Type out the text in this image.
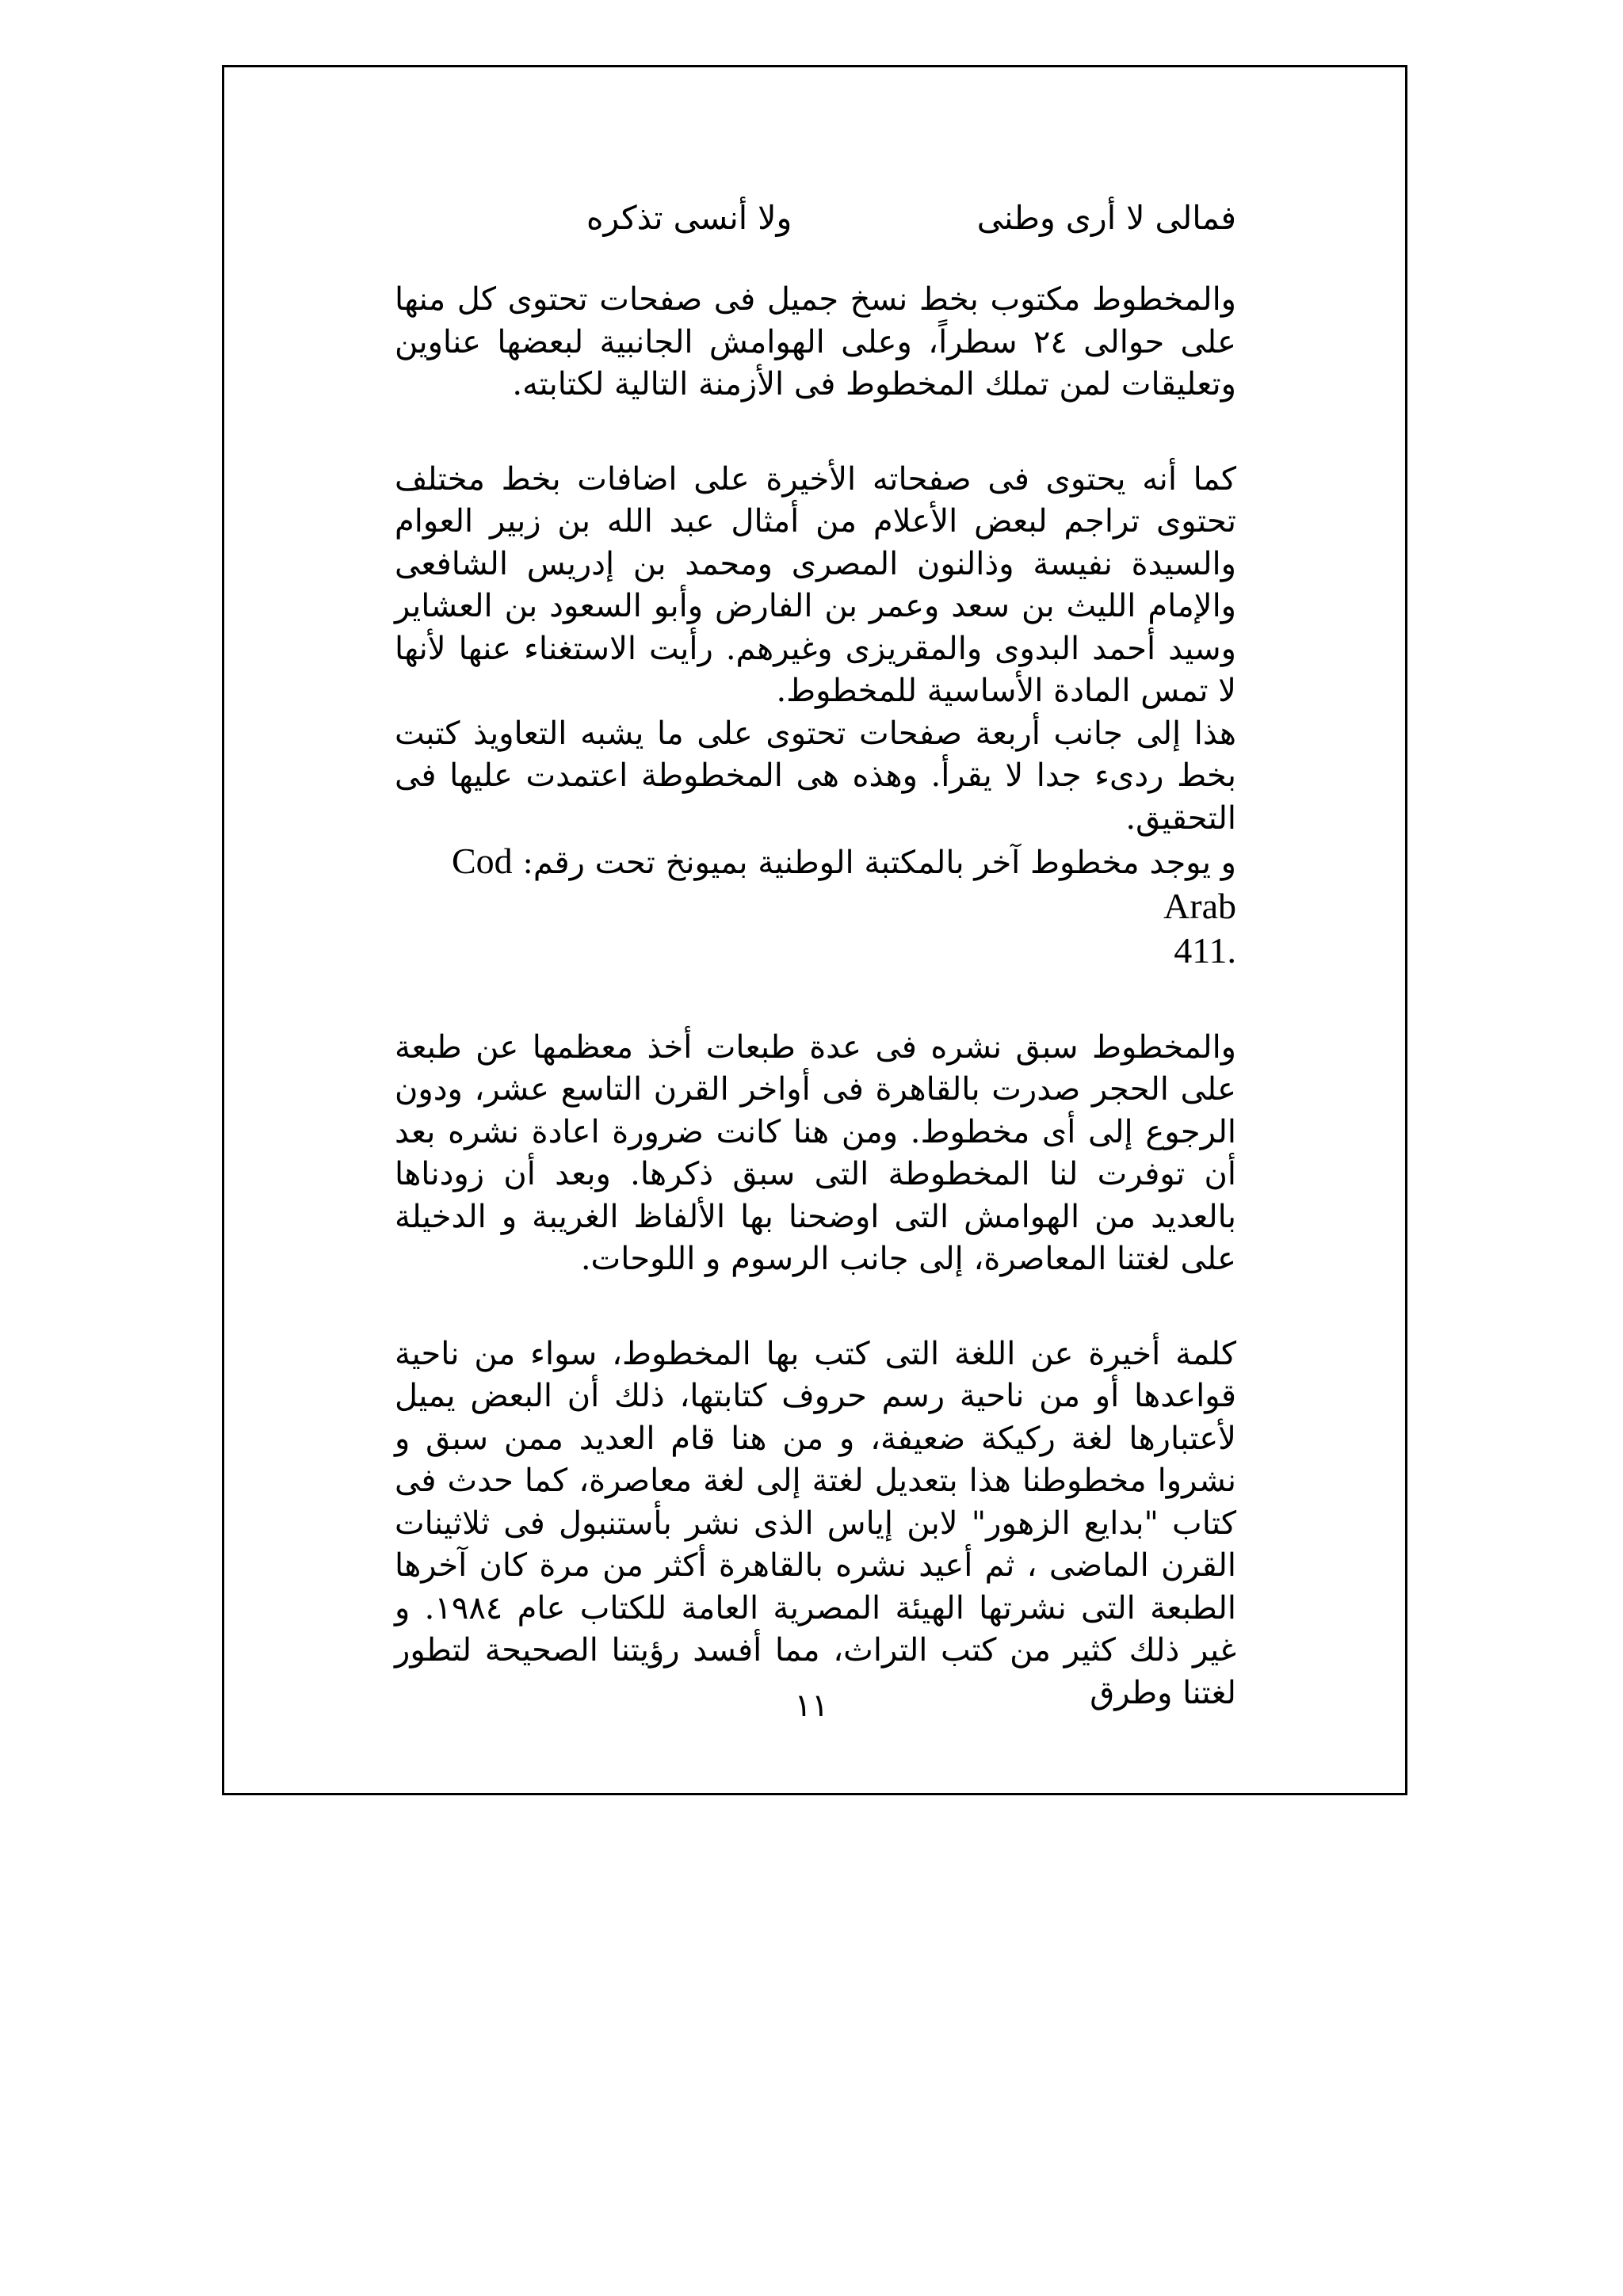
فمالى لا أرى وطنى
ولا أنسى تذكره

والمخطوط مكتوب بخط نسخ جميل فى صفحات تحتوى كل منها على حوالى ٢٤ سطراً، وعلى الهوامش الجانبية لبعضها عناوين وتعليقات لمن تملك المخطوط فى الأزمنة التالية لكتابته.

كما أنه يحتوى فى صفحاته الأخيرة على اضافات بخط مختلف تحتوى تراجم لبعض الأعلام من أمثال عبد الله بن زبير العوام والسيدة نفيسة وذالنون المصرى ومحمد بن إدريس الشافعى والإمام الليث بن سعد وعمر بن الفارض وأبو السعود بن العشاير وسيد أحمد البدوى والمقريزى وغيرهم. رأيت الاستغناء عنها لأنها لا تمس المادة الأساسية للمخطوط.

هذا إلى جانب أربعة صفحات تحتوى على ما يشبه التعاويذ كتبت بخط ردىء جدا لا يقرأ. وهذه هى المخطوطة اعتمدت عليها فى التحقيق.

و يوجد مخطوط آخر بالمكتبة الوطنية بميونخ تحت رقم: Cod Arab

.411

والمخطوط سبق نشره فى عدة طبعات أخذ معظمها عن طبعة على الحجر صدرت بالقاهرة فى أواخر القرن التاسع عشر، ودون الرجوع إلى أى مخطوط. ومن هنا كانت ضرورة اعادة نشره بعد أن توفرت لنا المخطوطة التى سبق ذكرها. وبعد أن زودناها بالعديد من الهوامش التى اوضحنا بها الألفاظ الغريبة و الدخيلة على لغتنا المعاصرة، إلى جانب الرسوم و اللوحات.

كلمة أخيرة عن اللغة التى كتب بها المخطوط، سواء من ناحية قواعدها أو من ناحية رسم حروف كتابتها، ذلك أن البعض يميل لأعتبارها لغة ركيكة ضعيفة، و من هنا قام العديد ممن سبق و نشروا مخطوطنا هذا بتعديل لغتة إلى لغة معاصرة، كما حدث فى كتاب "بدايع الزهور" لابن إياس الذى نشر بأستنبول فى ثلاثينات القرن الماضى ، ثم أعيد نشره بالقاهرة أكثر من مرة كان آخرها الطبعة التى نشرتها الهيئة المصرية العامة للكتاب عام ١٩٨٤. و غير ذلك كثير من كتب التراث، مما أفسد رؤيتنا الصحيحة لتطور لغتنا وطرق

١١
